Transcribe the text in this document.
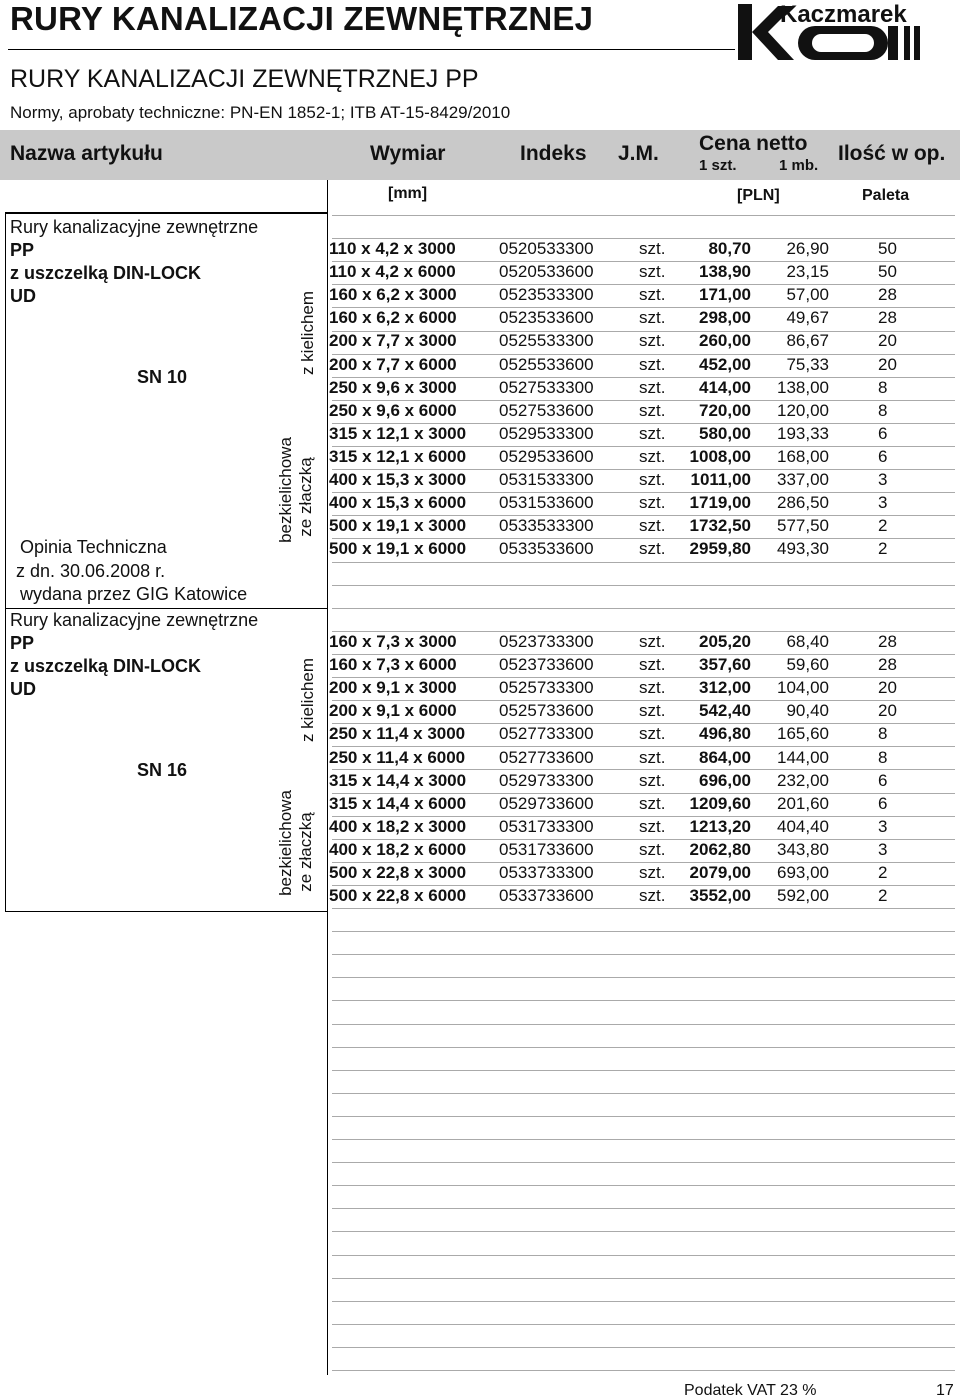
RURY KANALIZACJI ZEWNĘTRZNEJ	Kaczmarek
RURY KANALIZACJI ZEWNĘTRZNEJ PP
Normy, aprobaty techniczne: PN-EN 1852-1; ITB AT-15-8429/2010
Nazwa artykułu	Wymiar	Indeks J.M. Cena netto
1 szt.	1 mb.
Ilość w op.
[mm]	[PLN]	Paleta
Rury kanalizacyjne zewnętrzne
PP
z uszczelką DIN-LOCK
UD
SN 10
Opinia Techniczna
z dn. 30.06.2008 r.
wydana przez GIG Katowice
z kielichem
bezkielichowa ze złaczką
Rury kanalizacyjne zewnętrzne
PP
z uszczelką DIN-LOCK
UD
SN 16
z kielichem
bezkielichowa ze złaczką
110 x 4,2 x 3000	0520533300	szt.	80,70 26,90	50
110 x 4,2 x 6000	0520533600	szt. 138,90 23,15	50
160 x 6,2 x 3000 0523533300	szt. 171,00 57,00	28
160 x 6,2 x 6000 0523533600	szt. 298,00 49,67	28
200 x 7,7 x 3000 0525533300	szt. 260,00 86,67	20
200 x 7,7 x 6000 0525533600	szt. 452,00 75,33	20
250 x 9,6 x 3000 0527533300	szt. 414,00 138,00	8
250 x 9,6 x 6000 0527533600	szt. 720,00 120,00	8
315 x 12,1 x 3000 0529533300	szt. 580,00 193,33	6
315 x 12,1 x 6000 0529533600	szt. 1008,00 168,00	6
400 x 15,3 x 3000 0531533300	szt. 1011,00 337,00	3
400 x 15,3 x 6000 0531533600	szt. 1719,00 286,50	3
500 x 19,1 x 3000 0533533300	szt. 1732,50 577,50	2
500 x 19,1 x 6000 0533533600	szt. 2959,80 493,30	2
160 x 7,3 x 3000 0523733300	szt. 205,20 68,40	28
160 x 7,3 x 6000 0523733600	szt. 357,60 59,60	28
200 x 9,1 x 3000 0525733300	szt. 312,00 104,00	20
200 x 9,1 x 6000 0525733600	szt. 542,40 90,40	20
250 x 11,4 x 3000 0527733300	szt. 496,80 165,60	8
250 x 11,4 x 6000 0527733600	szt. 864,00 144,00	8
315 x 14,4 x 3000 0529733300	szt. 696,00 232,00	6
315 x 14,4 x 6000 0529733600	szt. 1209,60 201,60	6
400 x 18,2 x 3000 0531733300	szt. 1213,20 404,40	3
400 x 18,2 x 6000 0531733600	szt. 2062,80 343,80	3
500 x 22,8 x 3000 0533733300	szt. 2079,00 693,00	2
500 x 22,8 x 6000 0533733600	szt. 3552,00 592,00	2
Podatek VAT 23 %	17
